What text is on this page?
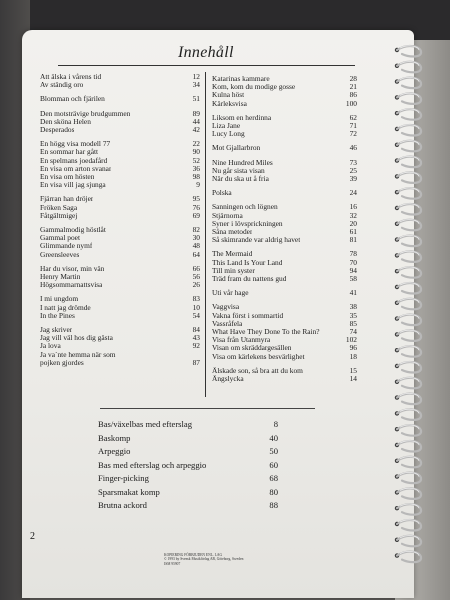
Innehåll
Att älska i vårens tid	12
Av ständig oro	34
Blomman och fjärilen	51
Den motsträvige brudgummen	89
Den sköna Helen	44
Desperados	42
En högg visa modell 77	22
En sommar har gått	90
En spelmans joedafård	52
En visa om arton svanar	36
En visa om hösten	98
En visa vill jag sjunga	9
Fjärran han dröjer	95
Fröken Saga	76
Fåtgältmigej	69
Gammalmodig höstlåt	82
Gammal poet	30
Glimmande nymf	48
Greensleeves	64
Har du visor, min vän	66
Henry Martin	56
Högsommarnattsvisa	26
I mi ungdom	83
I natt jag drömde	10
In the Pines	54
Jag skriver	84
Jag vill väl hos dig gästa	43
Ja lova	92
Ja va´nte hemma när som
pojken gjordes	87
Katarinas kammare	28
Kom, kom du modige gosse	21
Kulna höst	86
Kärleksvisa	100
Liksom en herdinna	62
Liza Jane	71
Lucy Long	72
Mot Gjallarbron	46
Nine Hundred Miles	73
Nu går sista visan	25
När du ska ut å fria	39
Polska	24
Sanningen och lögnen	16
Stjärnorna	32
Syner i lövsprickningen	20
Såna metoder	61
Så skimrande var aldrig havet	81
The Mermaid	78
This Land Is Your Land	70
Till min syster	94
Träd fram du nattens gud	58
Uti vår hage	41
Vaggvisa	38
Vakna först i sommartid	35
Vassråfela	85
What Have They Done To the Rain?	74
Visa från Utanmyra	102
Visan om skräddargesällen	96
Visa om kärlekens besvärlighet	18
Älskade son, så bra att du kom	15
Ängslycka	14
Bas/växelbas med efterslag	8
Baskomp	40
Arpeggio	50
Bas med efterslag och arpeggio	60
Finger-picking	68
Sparsmakat komp	80
Brutna ackord	88
2
KOPIERING FÖRBJUDEN ENL. LAG
© 1993 by Svensk Musikförlag AB, Göteborg, Sweden
ISM 95907
